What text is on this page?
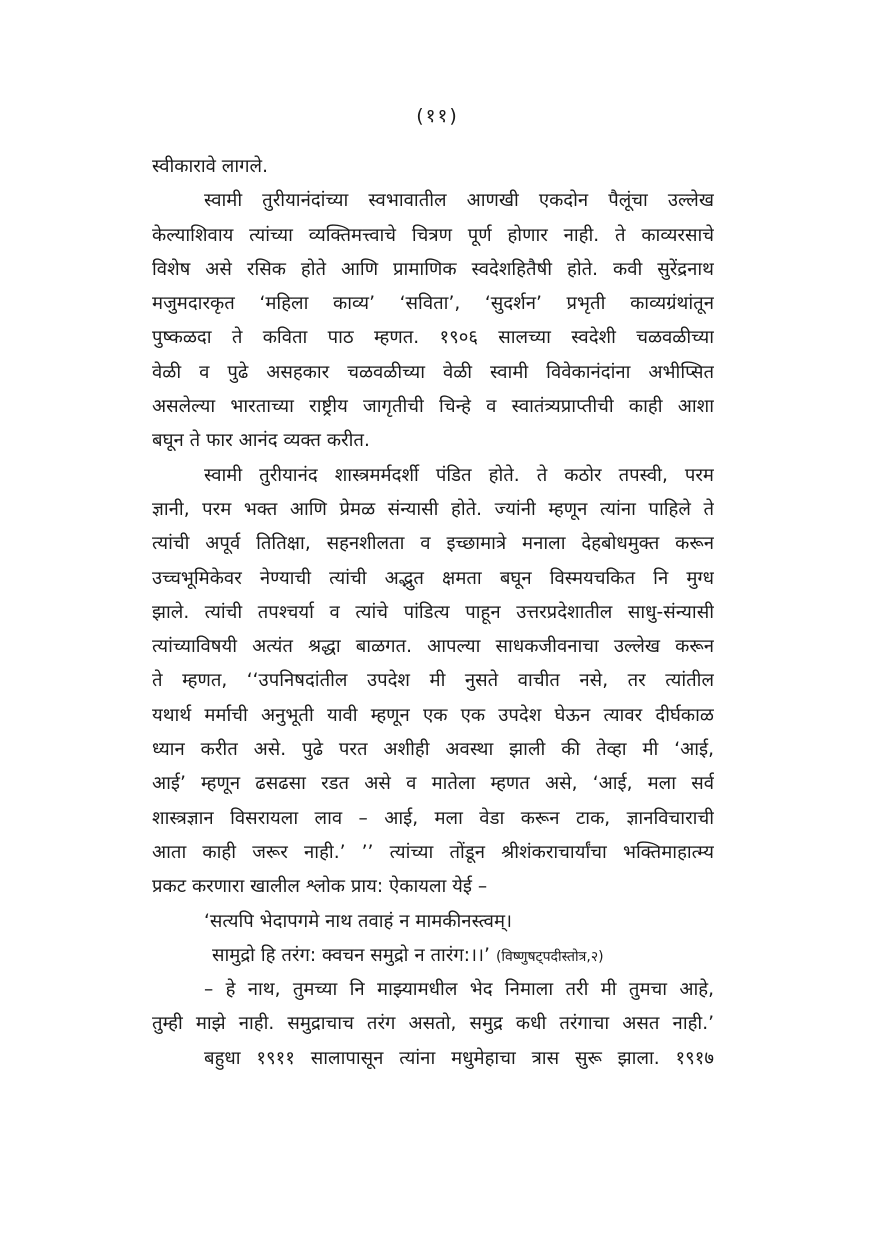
(११)
स्वीकारावे लागले.
स्वामी तुरीयानंदांच्या स्वभावातील आणखी एकदोन पैलूंचा उल्लेख
केल्याशिवाय त्यांच्या व्यक्तिमत्त्वाचे चित्रण पूर्ण होणार नाही. ते काव्यरसाचे
विशेष असे रसिक होते आणि प्रामाणिक स्वदेशहितैषी होते. कवी सुरेंद्रनाथ
मजुमदारकृत ‘महिला काव्य’ ‘सविता’, ‘सुदर्शन’ प्रभृती काव्यग्रंथांतून
पुष्कळदा ते कविता पाठ म्हणत. १९०६ सालच्या स्वदेशी चळवळीच्या
वेळी व पुढे असहकार चळवळीच्या वेळी स्वामी विवेकानंदांना अभीप्सित
असलेल्या भारताच्या राष्ट्रीय जागृतीची चिन्हे व स्वातंत्र्यप्राप्तीची काही आशा
बघून ते फार आनंद व्यक्त करीत.
स्वामी तुरीयानंद शास्त्रमर्मदर्शी पंडित होते. ते कठोर तपस्वी, परम
ज्ञानी, परम भक्त आणि प्रेमळ संन्यासी होते. ज्यांनी म्हणून त्यांना पाहिले ते
त्यांची अपूर्व तितिक्षा, सहनशीलता व इच्छामात्रे मनाला देहबोधमुक्त करून
उच्चभूमिकेवर नेण्याची त्यांची अद्भुत क्षमता बघून विस्मयचकित नि मुग्ध
झाले. त्यांची तपश्चर्या व त्यांचे पांडित्य पाहून उत्तरप्रदेशातील साधु-संन्यासी
त्यांच्याविषयी अत्यंत श्रद्धा बाळगत. आपल्या साधकजीवनाचा उल्लेख करून
ते म्हणत, ‘‘उपनिषदांतील उपदेश मी नुसते वाचीत नसे, तर त्यांतील
यथार्थ मर्माची अनुभूती यावी म्हणून एक एक उपदेश घेऊन त्यावर दीर्घकाळ
ध्यान करीत असे. पुढे परत अशीही अवस्था झाली की तेव्हा मी ‘आई,
आई’ म्हणून ढसढसा रडत असे व मातेला म्हणत असे, ‘आई, मला सर्व
शास्त्रज्ञान विसरायला लाव – आई, मला वेडा करून टाक, ज्ञानविचाराची
आता काही जरूर नाही.’ ’’ त्यांच्या तोंडून श्रीशंकराचार्यांचा भक्तिमाहात्म्य
प्रकट करणारा खालील श्लोक प्राय: ऐकायला येई –
‘सत्यपि भेदापगमे नाथ तवाहं न मामकीनस्त्वम्।
सामुद्रो हि तरंग: क्वचन समुद्रो न तारंग:।।’ (विष्णुषट्पदीस्तोत्र,२)
– हे नाथ, तुमच्या नि माझ्यामधील भेद निमाला तरी मी तुमचा आहे,
तुम्ही माझे नाही. समुद्राचाच तरंग असतो, समुद्र कधी तरंगाचा असत नाही.’
बहुधा १९११ सालापासून त्यांना मधुमेहाचा त्रास सुरू झाला. १९१७
